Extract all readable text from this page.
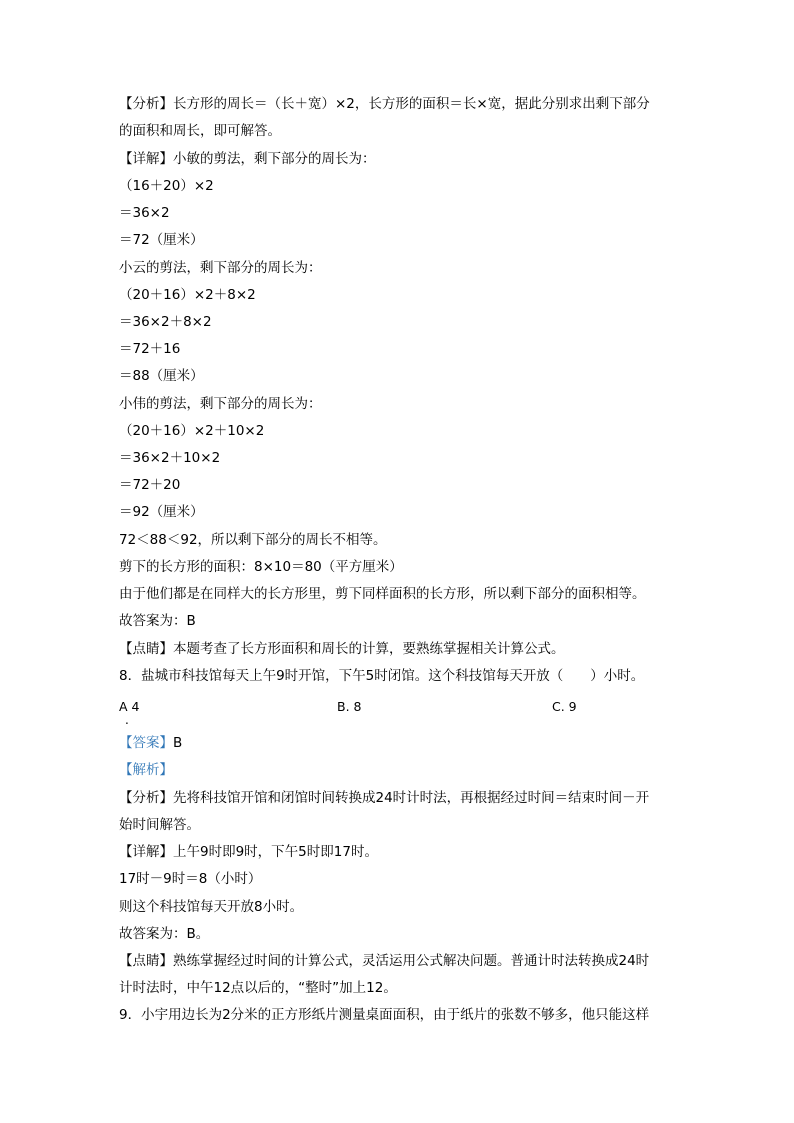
【分析】长方形的周长＝（长＋宽）×2，长方形的面积＝长×宽，据此分别求出剩下部分
的面积和周长，即可解答。
【详解】小敏的剪法，剩下部分的周长为：
（16＋20）×2
＝36×2
＝72（厘米）
小云的剪法，剩下部分的周长为：
（20＋16）×2＋8×2
＝36×2＋8×2
＝72＋16
＝88（厘米）
小伟的剪法，剩下部分的周长为：
（20＋16）×2＋10×2
＝36×2＋10×2
＝72＋20
＝92（厘米）
72＜88＜92，所以剩下部分的周长不相等。
剪下的长方形的面积：8×10＝80（平方厘米）
由于他们都是在同样大的长方形里，剪下同样面积的长方形，所以剩下部分的面积相等。
故答案为：B
【点睛】本题考查了长方形面积和周长的计算，要熟练掌握相关计算公式。
8．盐城市科技馆每天上午9时开馆，下午5时闭馆。这个科技馆每天开放（　　）小时。
A 4
.
B. 8	C. 9
【答案】B
【解析】
【分析】先将科技馆开馆和闭馆时间转换成24时计时法，再根据经过时间＝结束时间－开
始时间解答。
【详解】上午9时即9时，下午5时即17时。
17时－9时＝8（小时）
则这个科技馆每天开放8小时。
故答案为：B。
【点睛】熟练掌握经过时间的计算公式，灵活运用公式解决问题。普通计时法转换成24时
计时法时，中午12点以后的，“整时”加上12。
9．小宇用边长为2分米的正方形纸片测量桌面面积，由于纸片的张数不够多，他只能这样
